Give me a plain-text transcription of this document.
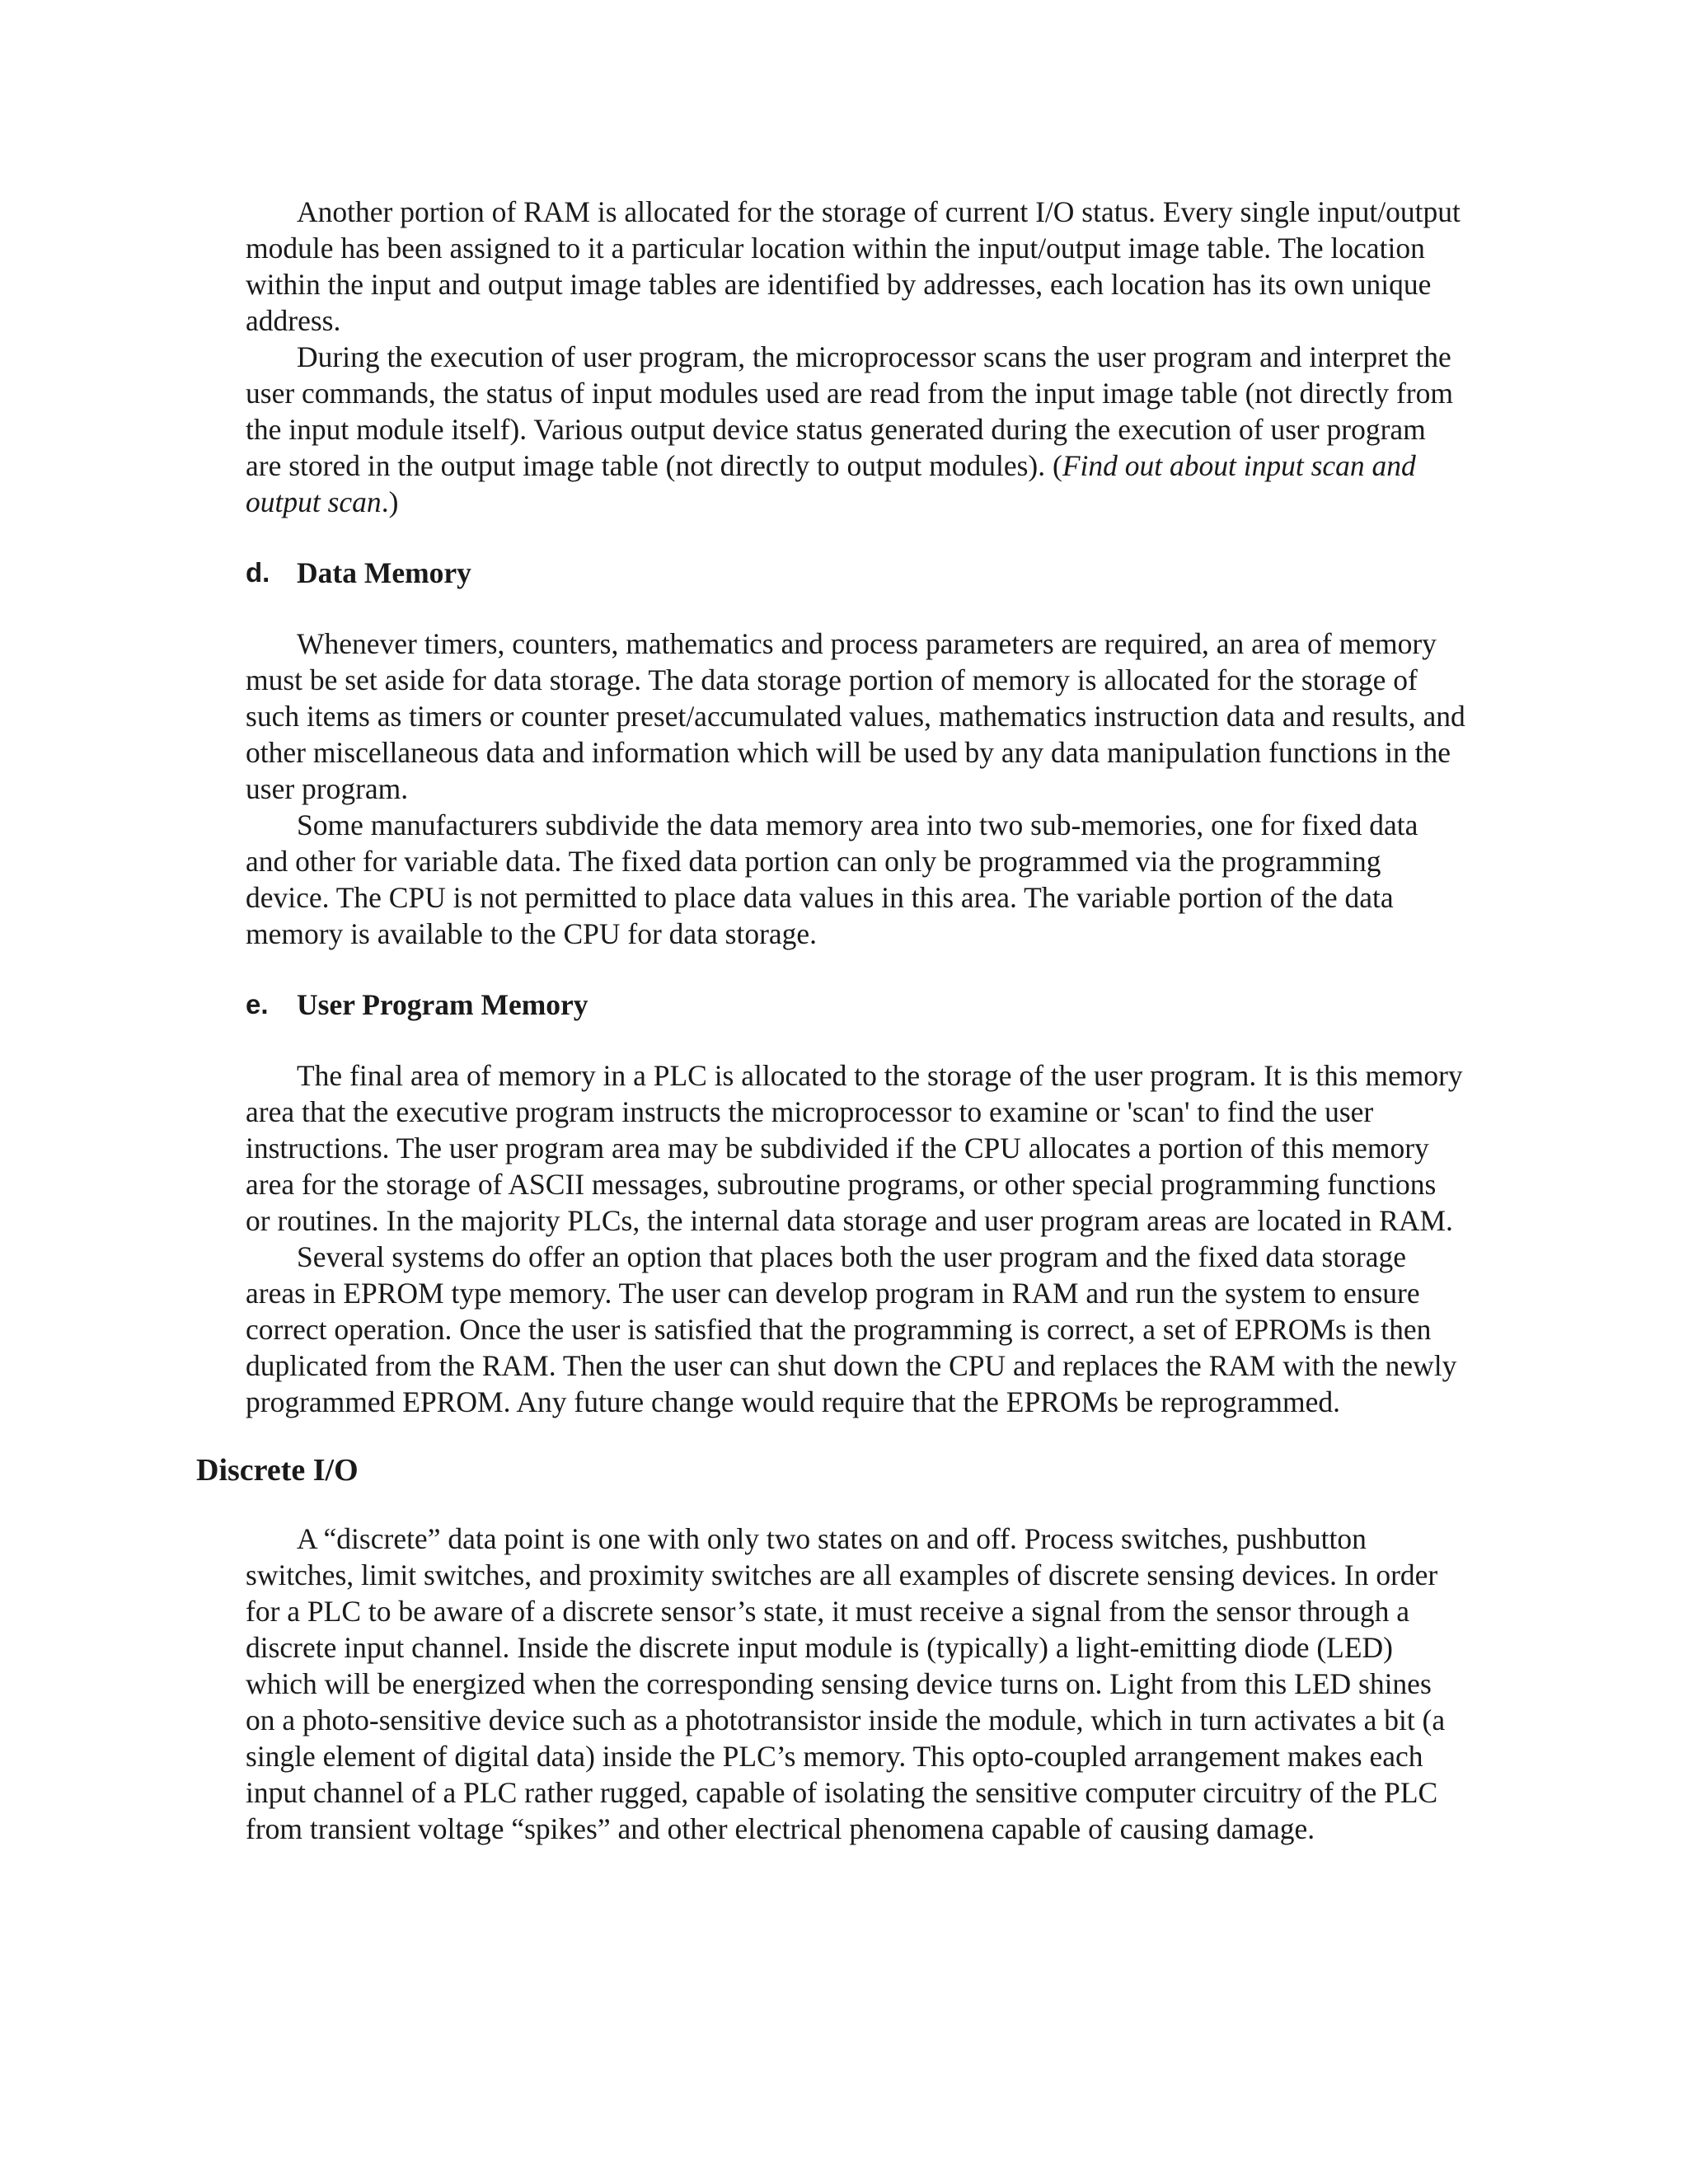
Another portion of RAM is allocated for the storage of current I/O status. Every single input/output module has been assigned to it a particular location within the input/output image table. The location within the input and output image tables are identified by addresses, each location has its own unique address.

During the execution of user program, the microprocessor scans the user program and interpret the user commands, the status of input modules used are read from the input image table (not directly from the input module itself). Various output device status generated during the execution of user program are stored in the output image table (not directly to output modules). (Find out about input scan and output scan.)

d. Data Memory

Whenever timers, counters, mathematics and process parameters are required, an area of memory must be set aside for data storage. The data storage portion of memory is allocated for the storage of such items as timers or counter preset/accumulated values, mathematics instruction data and results, and other miscellaneous data and information which will be used by any data manipulation functions in the user program.

Some manufacturers subdivide the data memory area into two sub-memories, one for fixed data and other for variable data. The fixed data portion can only be programmed via the programming device. The CPU is not permitted to place data values in this area. The variable portion of the data memory is available to the CPU for data storage.

e. User Program Memory

The final area of memory in a PLC is allocated to the storage of the user program. It is this memory area that the executive program instructs the microprocessor to examine or 'scan' to find the user instructions. The user program area may be subdivided if the CPU allocates a portion of this memory area for the storage of ASCII messages, subroutine programs, or other special programming functions or routines. In the majority PLCs, the internal data storage and user program areas are located in RAM.

Several systems do offer an option that places both the user program and the fixed data storage areas in EPROM type memory. The user can develop program in RAM and run the system to ensure correct operation. Once the user is satisfied that the programming is correct, a set of EPROMs is then duplicated from the RAM. Then the user can shut down the CPU and replaces the RAM with the newly programmed EPROM. Any future change would require that the EPROMs be reprogrammed.

Discrete I/O

A “discrete” data point is one with only two states on and off. Process switches, pushbutton switches, limit switches, and proximity switches are all examples of discrete sensing devices. In order for a PLC to be aware of a discrete sensor’s state, it must receive a signal from the sensor through a discrete input channel. Inside the discrete input module is (typically) a light-emitting diode (LED) which will be energized when the corresponding sensing device turns on. Light from this LED shines on a photo-sensitive device such as a phototransistor inside the module, which in turn activates a bit (a single element of digital data) inside the PLC’s memory. This opto-coupled arrangement makes each input channel of a PLC rather rugged, capable of isolating the sensitive computer circuitry of the PLC from transient voltage “spikes” and other electrical phenomena capable of causing damage.
